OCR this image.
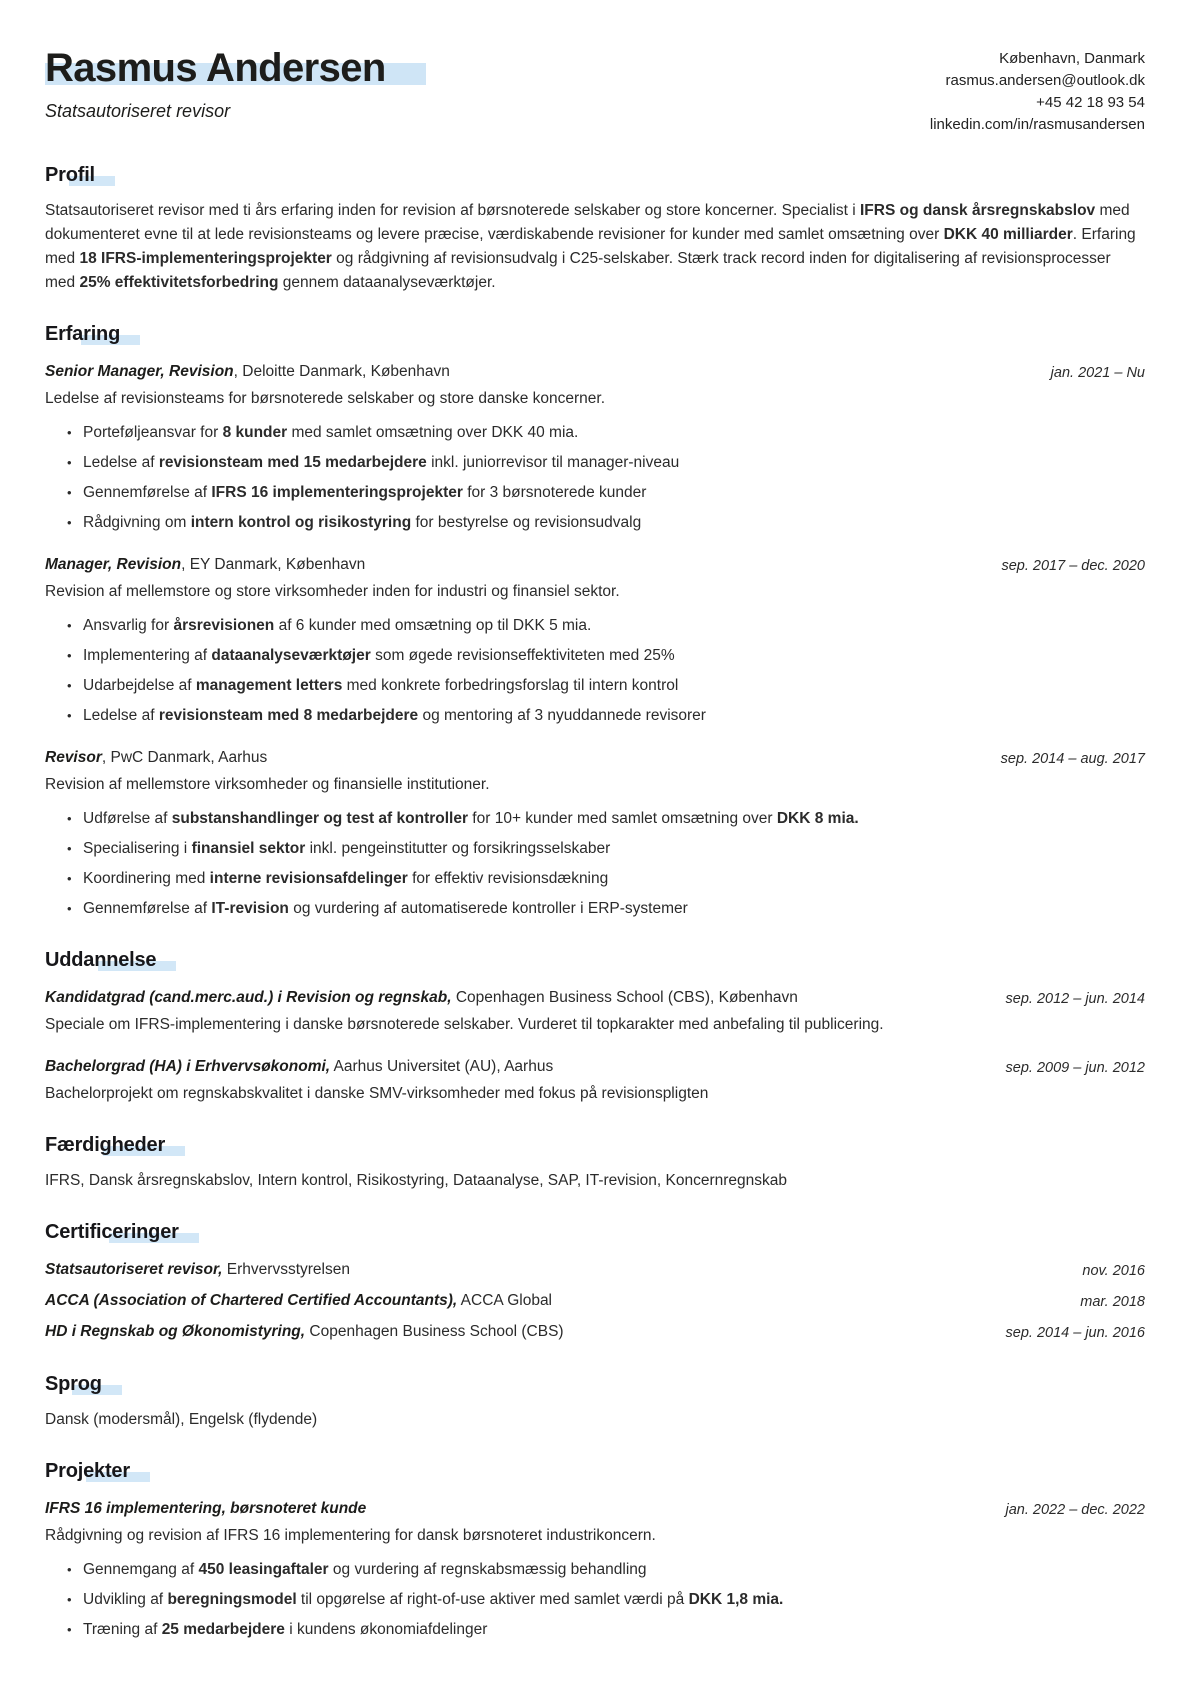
Rasmus Andersen
Statsautoriseret revisor
København, Danmark
rasmus.andersen@outlook.dk
+45 42 18 93 54
linkedin.com/in/rasmusandersen
Profil

Statsautoriseret revisor med ti års erfaring inden for revision af børsnoterede selskaber og store koncerner. Specialist i IFRS og dansk årsregnskabslov med dokumenteret evne til at lede revisionsteams og levere præcise, værdiskabende revisioner for kunder med samlet omsætning over DKK 40 milliarder. Erfaring med 18 IFRS-implementeringsprojekter og rådgivning af revisionsudvalg i C25-selskaber. Stærk track record inden for digitalisering af revisionsprocesser med 25% effektivitetsforbedring gennem dataanalyseværktøjer.

Erfaring
Senior Manager, Revision, Deloitte Danmark, København	jan. 2021 – Nu

Ledelse af revisionsteams for børsnoterede selskaber og store danske koncerner.

• Porteføljeansvar for 8 kunder med samlet omsætning over DKK 40 mia.
• Ledelse af revisionsteam med 15 medarbejdere inkl. juniorrevisor til manager-niveau
• Gennemførelse af IFRS 16 implementeringsprojekter for 3 børsnoterede kunder
• Rådgivning om intern kontrol og risikostyring for bestyrelse og revisionsudvalg
Manager, Revision, EY Danmark, København	sep. 2017 – dec. 2020

Revision af mellemstore og store virksomheder inden for industri og finansiel sektor.

• Ansvarlig for årsrevisionen af 6 kunder med omsætning op til DKK 5 mia.
• Implementering af dataanalyseværktøjer som øgede revisionseffektiviteten med 25%
• Udarbejdelse af management letters med konkrete forbedringsforslag til intern kontrol
• Ledelse af revisionsteam med 8 medarbejdere og mentoring af 3 nyuddannede revisorer
Revisor, PwC Danmark, Aarhus	sep. 2014 – aug. 2017

Revision af mellemstore virksomheder og finansielle institutioner.

• Udførelse af substanshandlinger og test af kontroller for 10+ kunder med samlet omsætning over DKK 8 mia.
• Specialisering i finansiel sektor inkl. pengeinstitutter og forsikringsselskaber
• Koordinering med interne revisionsafdelinger for effektiv revisionsdækning
• Gennemførelse af IT-revision og vurdering af automatiserede kontroller i ERP-systemer
Uddannelse
Kandidatgrad (cand.merc.aud.) i Revision og regnskab, Copenhagen Business School (CBS), København	sep. 2012 – jun. 2014

Speciale om IFRS-implementering i danske børsnoterede selskaber. Vurderet til topkarakter med anbefaling til publicering.

Bachelorgrad (HA) i Erhvervsøkonomi, Aarhus Universitet (AU), Aarhus	sep. 2009 – jun. 2012

Bachelorprojekt om regnskabskvalitet i danske SMV-virksomheder med fokus på revisionspligten

Færdigheder

IFRS, Dansk årsregnskabslov, Intern kontrol, Risikostyring, Dataanalyse, SAP, IT-revision, Koncernregnskab

Certificeringer
Statsautoriseret revisor, Erhvervsstyrelsen	nov. 2016
ACCA (Association of Chartered Certified Accountants), ACCA Global	mar. 2018
HD i Regnskab og Økonomistyring, Copenhagen Business School (CBS)	sep. 2014 – jun. 2016
Sprog

Dansk (modersmål), Engelsk (flydende)

Projekter
IFRS 16 implementering, børsnoteret kunde	jan. 2022 – dec. 2022

Rådgivning og revision af IFRS 16 implementering for dansk børsnoteret industrikoncern.

• Gennemgang af 450 leasingaftaler og vurdering af regnskabsmæssig behandling
• Udvikling af beregningsmodel til opgørelse af right-of-use aktiver med samlet værdi på DKK 1,8 mia.
• Træning af 25 medarbejdere i kundens økonomiafdelinger
